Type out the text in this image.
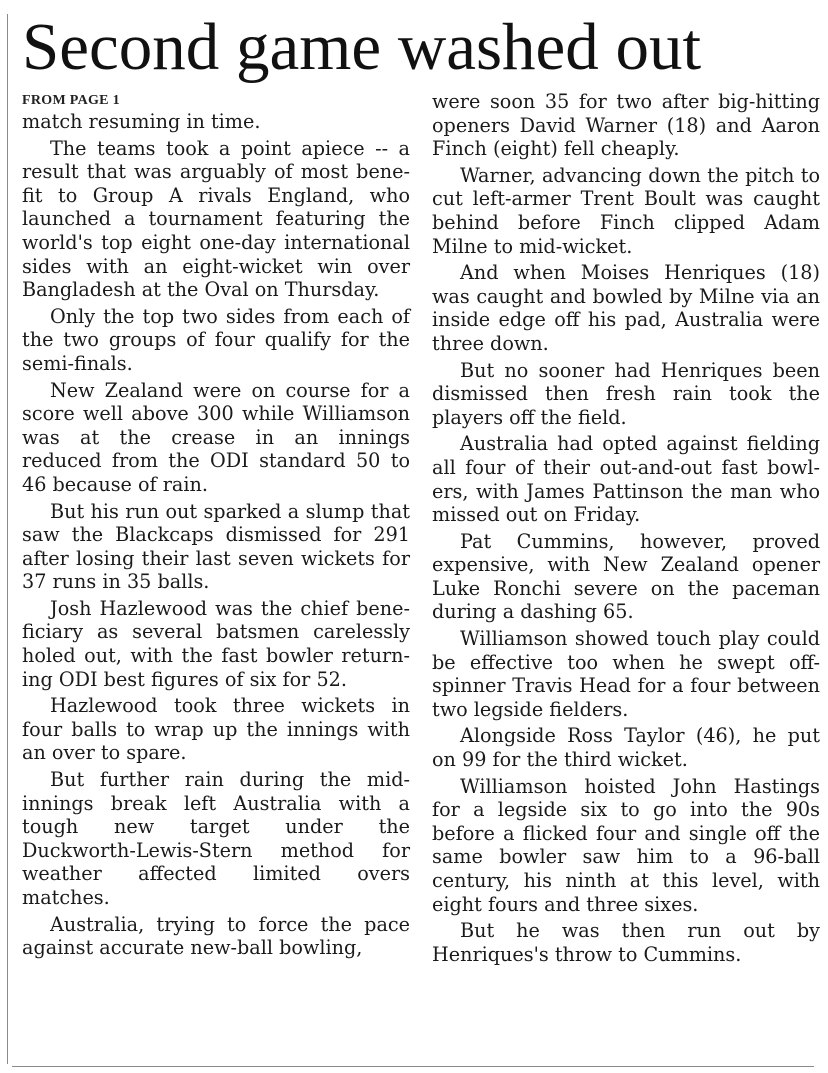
Second game washed out
FROM PAGE 1

match resuming in time.

The teams took a point apiece -- a result that was arguably of most benefit to Group A rivals England, who launched a tournament featuring the world's top eight one-day international sides with an eight-wicket win over Bangladesh at the Oval on Thursday.

Only the top two sides from each of the two groups of four qualify for the semi-finals.

New Zealand were on course for a score well above 300 while Williamson was at the crease in an innings reduced from the ODI standard 50 to 46 because of rain.

But his run out sparked a slump that saw the Blackcaps dismissed for 291 after losing their last seven wickets for 37 runs in 35 balls.

Josh Hazlewood was the chief beneficiary as several batsmen carelessly holed out, with the fast bowler returning ODI best figures of six for 52.

Hazlewood took three wickets in four balls to wrap up the innings with an over to spare.

But further rain during the mid-innings break left Australia with a tough new target under the Duckworth-Lewis-Stern method for weather affected limited overs matches.

Australia, trying to force the pace against accurate new-ball bowling,

were soon 35 for two after big-hitting openers David Warner (18) and Aaron Finch (eight) fell cheaply.

Warner, advancing down the pitch to cut left-armer Trent Boult was caught behind before Finch clipped Adam Milne to mid-wicket.

And when Moises Henriques (18) was caught and bowled by Milne via an inside edge off his pad, Australia were three down.

But no sooner had Henriques been dismissed then fresh rain took the players off the field.

Australia had opted against fielding all four of their out-and-out fast bowlers, with James Pattinson the man who missed out on Friday.

Pat Cummins, however, proved expensive, with New Zealand opener Luke Ronchi severe on the paceman during a dashing 65.

Williamson showed touch play could be effective too when he swept off-spinner Travis Head for a four between two legside fielders.

Alongside Ross Taylor (46), he put on 99 for the third wicket.

Williamson hoisted John Hastings for a legside six to go into the 90s before a flicked four and single off the same bowler saw him to a 96-ball century, his ninth at this level, with eight fours and three sixes.

But he was then run out by Henriques's throw to Cummins.
